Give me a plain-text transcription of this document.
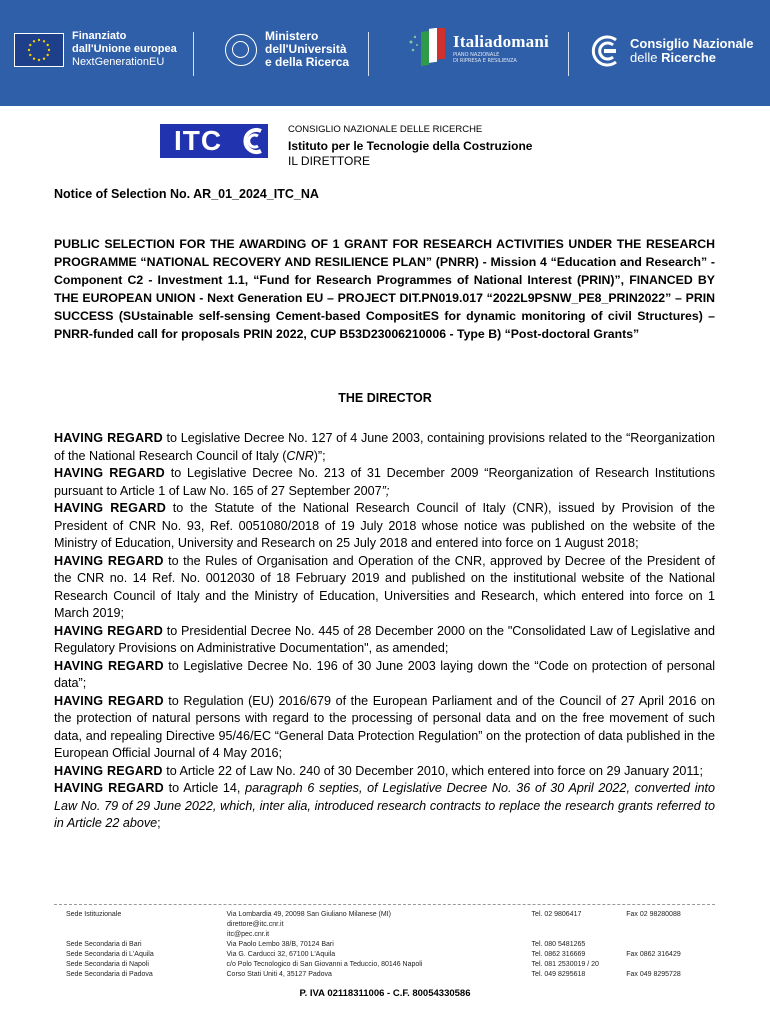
Finanziato
dall'Unione europea
NextGenerationEU
Ministero
dell'Università
e della Ricerca
Italiadomani
PIANO NAZIONALE
DI RIPRESA E RESILIENZA
Consiglio Nazionale
delle Ricerche
ITC	CONSIGLIO NAZIONALE DELLE RICERCHE
Istituto per le Tecnologie della Costruzione
IL DIRETTORE
Notice of Selection No. AR_01_2024_ITC_NA
PUBLIC SELECTION FOR THE AWARDING OF 1 GRANT FOR RESEARCH ACTIVITIES UNDER THE RESEARCH PROGRAMME “NATIONAL RECOVERY AND RESILIENCE PLAN” (PNRR) - Mission 4 “Education and Research” - Component C2 - Investment 1.1, “Fund for Research Programmes of National Interest (PRIN)”, FINANCED BY THE EUROPEAN UNION - Next Generation EU – PROJECT DIT.PN019.017 “2022L9PSNW_PE8_PRIN2022” – PRIN SUCCESS (SUstainable self-sensing Cement-based CompositES for dynamic monitoring of civil Structures) – PNRR-funded call for proposals PRIN 2022, CUP B53D23006210006 - Type B) “Post-doctoral Grants”
THE DIRECTOR

HAVING REGARD to Legislative Decree No. 127 of 4 June 2003, containing provisions related to the “Reorganization of the National Research Council of Italy (CNR)”;

HAVING REGARD to Legislative Decree No. 213 of 31 December 2009 “Reorganization of Research Institutions pursuant to Article 1 of Law No. 165 of 27 September 2007”;

HAVING REGARD to the Statute of the National Research Council of Italy (CNR), issued by Provision of the President of CNR No. 93, Ref. 0051080/2018 of 19 July 2018 whose notice was published on the website of the Ministry of Education, University and Research on 25 July 2018 and entered into force on 1 August 2018;

HAVING REGARD to the Rules of Organisation and Operation of the CNR, approved by Decree of the President of the CNR no. 14 Ref. No. 0012030 of 18 February 2019 and published on the institutional website of the National Research Council of Italy and the Ministry of Education, Universities and Research, which entered into force on 1 March 2019;

HAVING REGARD to Presidential Decree No. 445 of 28 December 2000 on the "Consolidated Law of Legislative and Regulatory Provisions on Administrative Documentation", as amended;

HAVING REGARD to Legislative Decree No. 196 of 30 June 2003 laying down the “Code on protection of personal data”;

HAVING REGARD to Regulation (EU) 2016/679 of the European Parliament and of the Council of 27 April 2016 on the protection of natural persons with regard to the processing of personal data and on the free movement of such data, and repealing Directive 95/46/EC “General Data Protection Regulation” on the protection of data published in the European Official Journal of 4 May 2016;

HAVING REGARD to Article 22 of Law No. 240 of 30 December 2010, which entered into force on 29 January 2011;

HAVING REGARD to Article 14, paragraph 6 septies, of Legislative Decree No. 36 of 30 April 2022, converted into Law No. 79 of 29 June 2022, which, inter alia, introduced research contracts to replace the research grants referred to in Article 22 above;

Sede Istituzionale	Via Lombardia 49, 20098 San Giuliano Milanese (MI)	Tel. 02 9806417	Fax 02 98280088
direttore@itc.cnr.it
itc@pec.cnr.it
Sede Secondaria di Bari	Via Paolo Lembo 38/B, 70124 Bari	Tel. 080 5481265
Sede Secondaria di L'Aquila	Via G. Carducci 32, 67100 L'Aquila	Tel. 0862 316669	Fax 0862 316429
Sede Secondaria di Napoli	c/o Polo Tecnologico di San Giovanni a Teduccio, 80146 Napoli	Tel. 081 2530019 / 20
Sede Secondaria di Padova	Corso Stati Uniti 4, 35127 Padova	Tel. 049 8295618	Fax 049 8295728
P. IVA 02118311006 - C.F. 80054330586
